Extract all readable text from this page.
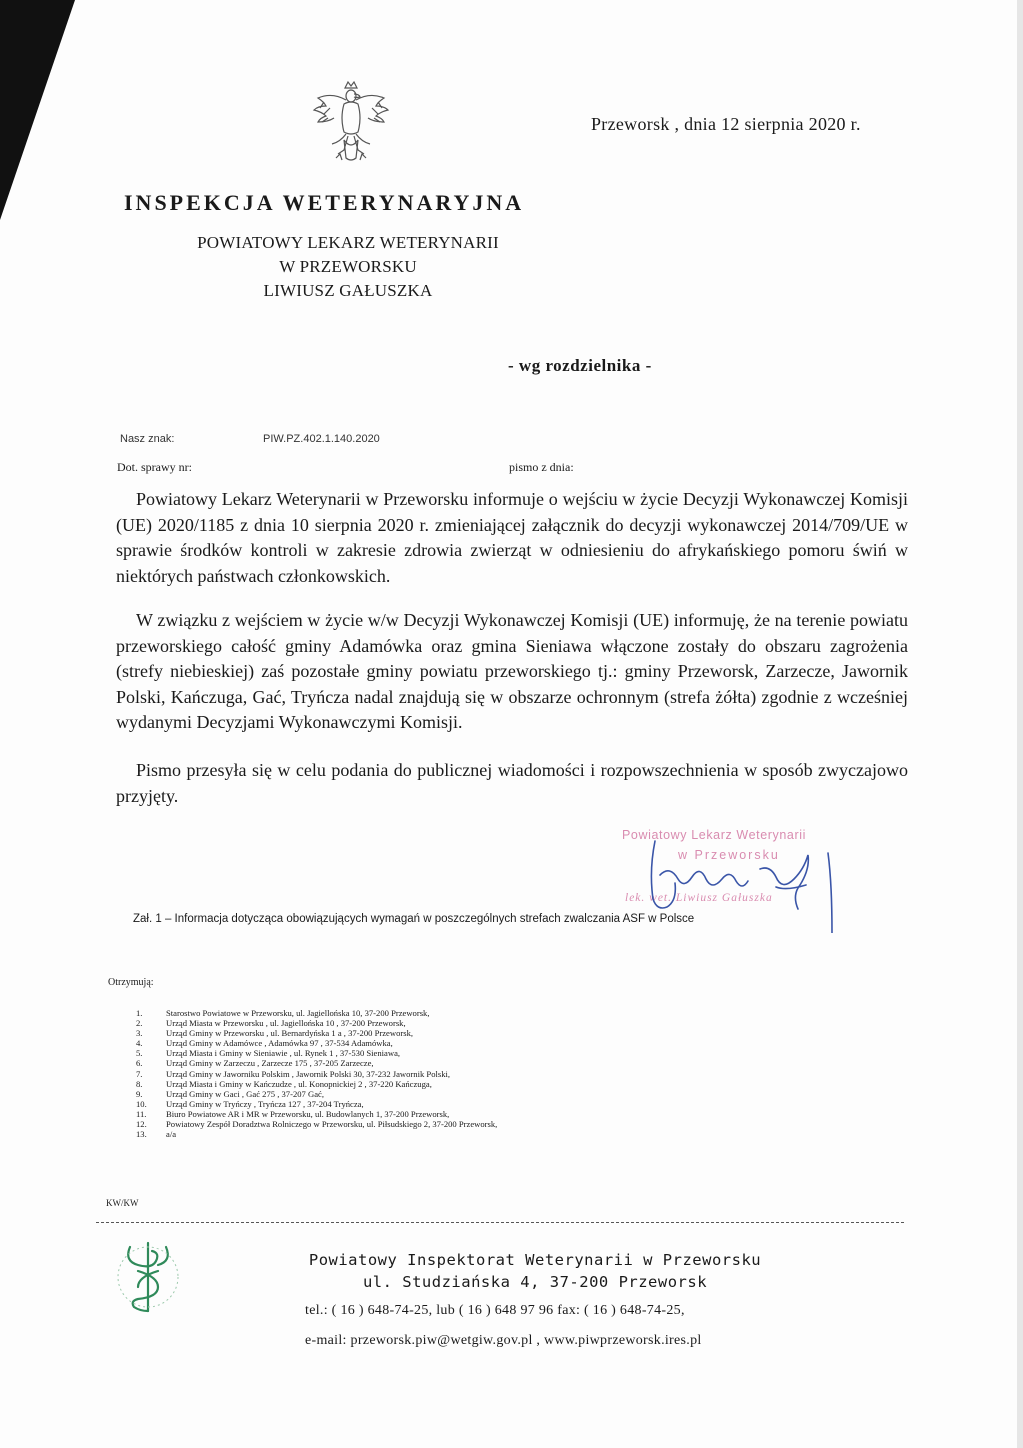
Przeworsk , dnia 12 sierpnia 2020 r.
INSPEKCJA WETERYNARYJNA
POWIATOWY LEKARZ WETERYNARII
W PRZEWORSKU
LIWIUSZ GAŁUSZKA
- wg rozdzielnika -
Nasz znak:	PIW.PZ.402.1.140.2020
Dot. sprawy nr:	pismo z dnia:
Powiatowy Lekarz Weterynarii w Przeworsku informuje o wejściu w życie Decyzji Wykonawczej Komisji (UE) 2020/1185 z dnia 10 sierpnia 2020 r. zmieniającej załącznik do decyzji wykonawczej 2014/709/UE w sprawie środków kontroli w zakresie zdrowia zwierząt w odniesieniu do afrykańskiego pomoru świń w niektórych państwach członkowskich.
W związku z wejściem w życie w/w Decyzji Wykonawczej Komisji (UE) informuję, że na terenie powiatu przeworskiego całość gminy Adamówka oraz gmina Sieniawa włączone zostały do obszaru zagrożenia (strefy niebieskiej) zaś pozostałe gminy powiatu przeworskiego tj.: gminy Przeworsk, Zarzecze, Jawornik Polski, Kańczuga, Gać, Tryńcza nadal znajdują się w obszarze ochronnym (strefa żółta) zgodnie z wcześniej wydanymi Decyzjami Wykonawczymi Komisji.
Pismo przesyła się w celu podania do publicznej wiadomości i rozpowszechnienia w sposób zwyczajowo przyjęty.
Powiatowy Lekarz Weterynarii
w Przeworsku
lek. wet. Liwiusz Gałuszka
Zał. 1 – Informacja dotycząca obowiązujących wymagań w poszczególnych strefach zwalczania ASF w Polsce
Otrzymują:
1.	Starostwo Powiatowe w Przeworsku, ul. Jagiellońska 10, 37-200 Przeworsk,
2.	Urząd Miasta w Przeworsku , ul. Jagiellońska 10 , 37-200 Przeworsk,
3.	Urząd Gminy w Przeworsku , ul. Bernardyńska 1 a , 37-200 Przeworsk,
4.	Urząd Gminy w Adamówce , Adamówka 97 , 37-534 Adamówka,
5.	Urząd Miasta i Gminy w Sieniawie , ul. Rynek 1 , 37-530 Sieniawa,
6.	Urząd Gminy w Zarzeczu , Zarzecze 175 , 37-205 Zarzecze,
7.	Urząd Gminy w Jaworniku Polskim , Jawornik Polski 30, 37-232 Jawornik Polski,
8.	Urząd Miasta i Gminy w Kańczudze , ul. Konopnickiej 2 , 37-220 Kańczuga,
9.	Urząd Gminy w Gaci , Gać 275 , 37-207 Gać,
10.	Urząd Gminy w Tryńczy , Tryńcza 127 , 37-204 Tryńcza,
11.	Biuro Powiatowe AR i MR w Przeworsku, ul. Budowlanych 1, 37-200 Przeworsk,
12.	Powiatowy Zespół Doradztwa Rolniczego w Przeworsku, ul. Piłsudskiego 2, 37-200 Przeworsk,
13.	a/a
KW/KW
Powiatowy Inspektorat Weterynarii w Przeworsku
ul. Studziańska 4, 37-200 Przeworsk
tel.: ( 16 ) 648-74-25, lub ( 16 ) 648 97 96 fax: ( 16 ) 648-74-25,
e-mail: przeworsk.piw@wetgiw.gov.pl , www.piwprzeworsk.ires.pl
